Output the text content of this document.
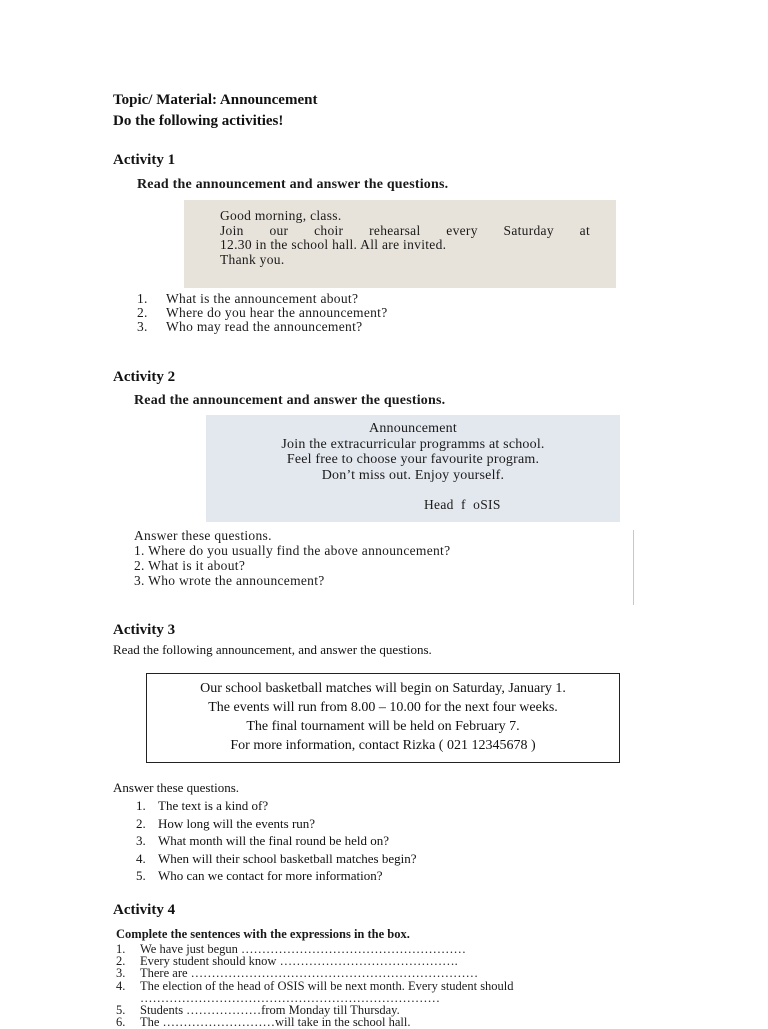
Topic/ Material: Announcement
Do the following activities!
Activity 1
Read the announcement and answer the questions.
Good morning, class.
Join our choir rehearsal every Saturday at
12.30 in the school hall. All are invited.
Thank you.
1. What is the announcement about?
2. Where do you hear the announcement?
3. Who may read the announcement?
Activity 2
Read the announcement and answer the questions.
Announcement
Join the extracurricular programms at school.
Feel free to choose your favourite program.
Don’t miss out. Enjoy yourself.
Head  f  oSIS
Answer these questions.
1. Where do you usually find the above announcement?
2. What is it about?
3. Who wrote the announcement?
Activity 3
Read the following announcement, and answer the questions.
Our school basketball matches will begin on Saturday, January 1.
The events will run from 8.00 – 10.00 for the next four weeks.
The final tournament will be held on February 7.
For more information, contact Rizka ( 021 12345678 )
Answer these questions.
1. The text is a kind of?
2. How long will the events run?
3. What month will the final round be held on?
4. When will their school basketball matches begin?
5. Who can we contact for more information?
Activity 4
Complete the sentences with the expressions in the box.
1. We have just begun ………………………………………………
2. Every student should know …………………………………….
3. There are ……………………………………………………………
4. The election of the head of OSIS will be next month. Every student should
………………………………………………………………
5. Students ………………from Monday till Thursday.
6. The ………………………will take in the school hall.
